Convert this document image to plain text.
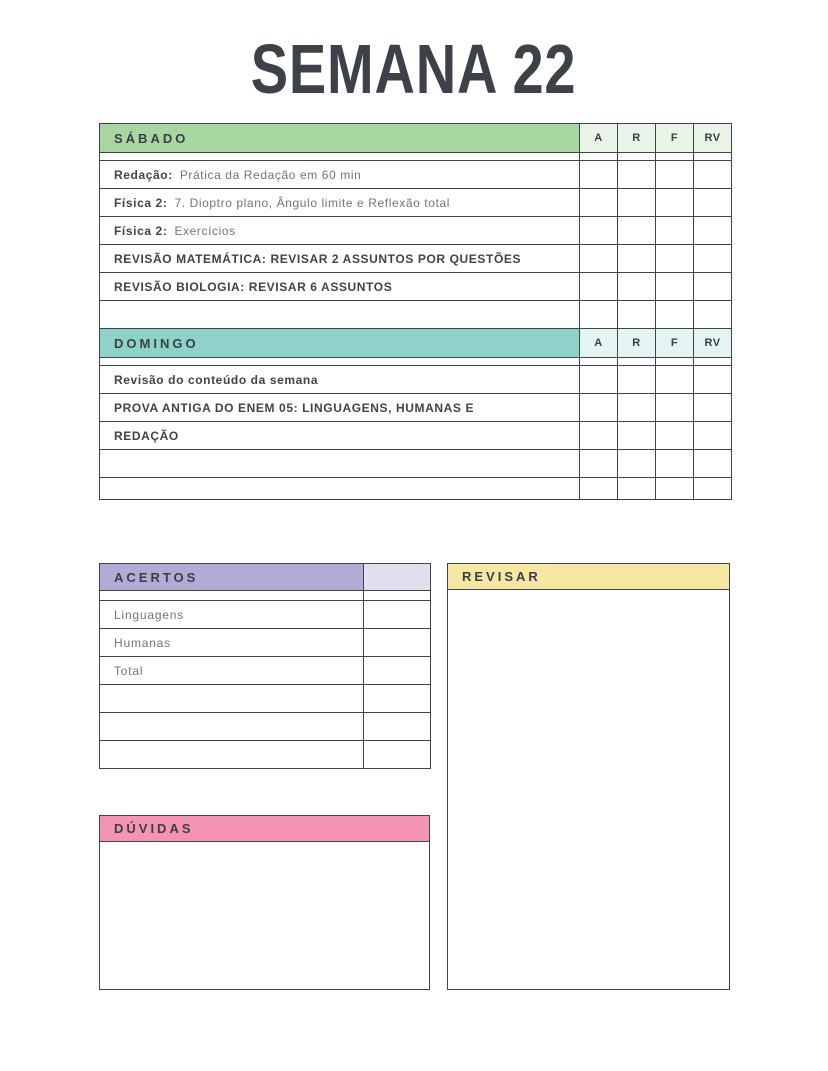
SEMANA 22
SÁBADO	A	R	F	RV

Redação: Prática da Redação em 60 min				
Física 2: 7. Dioptro plano, Ângulo limite e Reflexão total				
Física 2: Exercícios				
REVISÃO MATEMÁTICA: REVISAR 2 ASSUNTOS POR QUESTÕES				
REVISÃO BIOLOGIA: REVISAR 6 ASSUNTOS				

DOMINGO	A	R	F	RV

Revisão do conteúdo da semana				
PROVA ANTIGA DO ENEM 05: LINGUAGENS, HUMANAS E				
REDAÇÃO				

ACERTOS	

Linguagens	
Humanas	
Total	

REVISAR
DÚVIDAS
